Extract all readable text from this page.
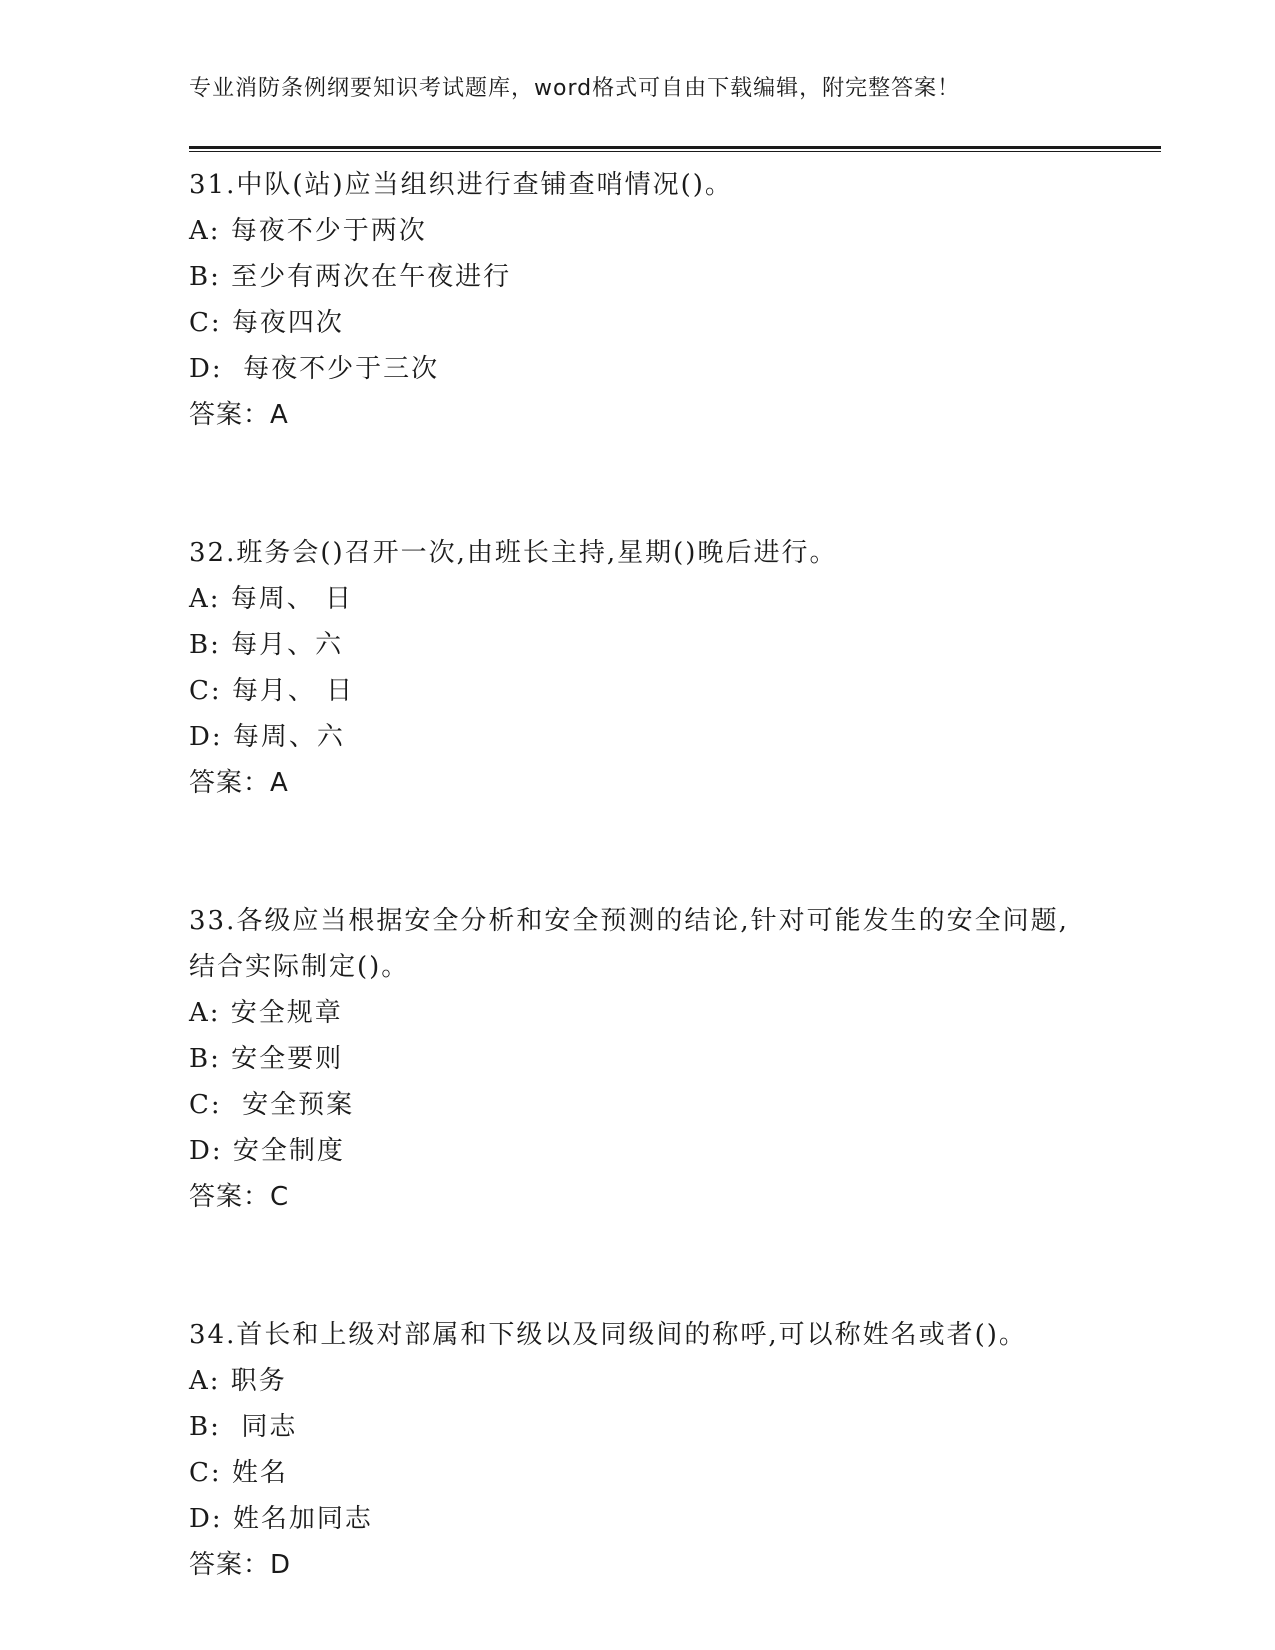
专业消防条例纲要知识考试题库，word格式可自由下载编辑，附完整答案！

31.中队(站)应当组织进行查铺查哨情况()。

A: 每夜不少于两次

B: 至少有两次在午夜进行

C: 每夜四次

D:  每夜不少于三次

答案：A

32.班务会()召开一次,由班长主持,星期()晚后进行。

A: 每周、 日

B: 每月、六

C: 每月、 日

D: 每周、六

答案：A

33.各级应当根据安全分析和安全预测的结论,针对可能发生的安全问题,结合实际制定()。

A: 安全规章

B: 安全要则

C:  安全预案

D: 安全制度

答案：C

34.首长和上级对部属和下级以及同级间的称呼,可以称姓名或者()。

A: 职务

B:  同志

C: 姓名

D: 姓名加同志

答案：D
